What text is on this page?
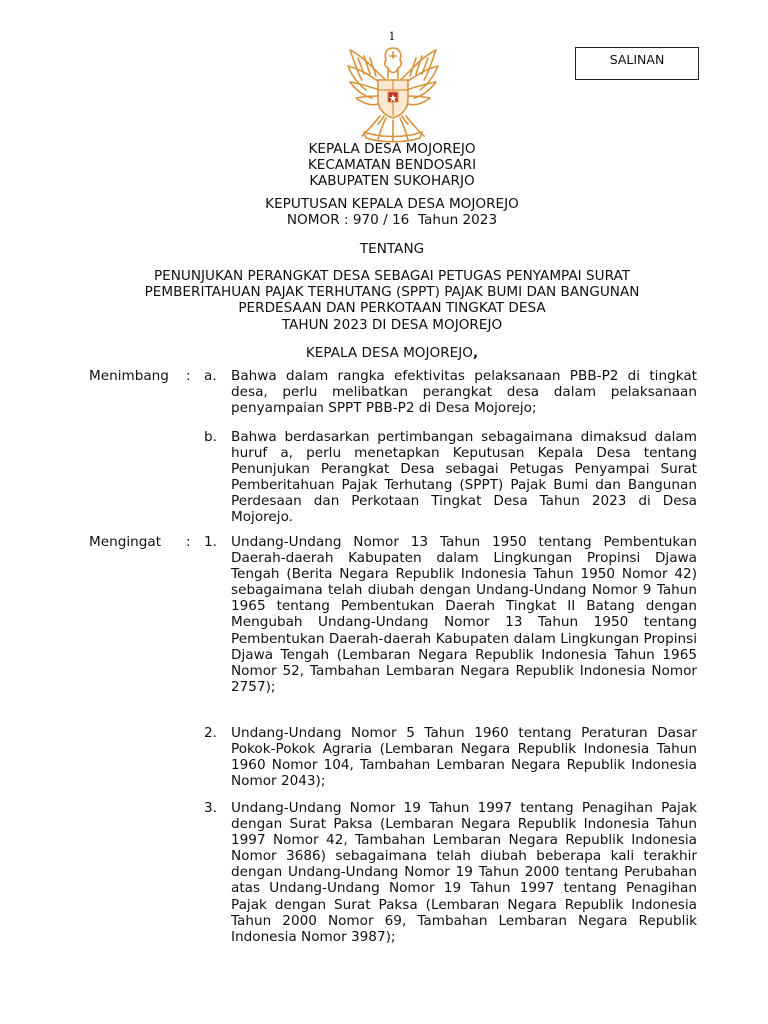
1
SALINAN
KEPALA DESA MOJOREJO
KECAMATAN BENDOSARI
KABUPATEN SUKOHARJO
KEPUTUSAN KEPALA DESA MOJOREJO
NOMOR : 970 / 16  Tahun 2023
TENTANG
PENUNJUKAN PERANGKAT DESA SEBAGAI PETUGAS PENYAMPAI SURAT
PEMBERITAHUAN PAJAK TERHUTANG (SPPT) PAJAK BUMI DAN BANGUNAN
PERDESAAN DAN PERKOTAAN TINGKAT DESA
TAHUN 2023 DI DESA MOJOREJO
KEPALA DESA MOJOREJO,
Menimbang : a. Bahwa dalam rangka efektivitas pelaksanaan PBB-P2 di tingkat desa, perlu melibatkan perangkat desa dalam pelaksanaan penyampaian SPPT PBB-P2 di Desa Mojorejo;
b. Bahwa berdasarkan pertimbangan sebagaimana dimaksud dalam huruf a, perlu menetapkan Keputusan Kepala Desa tentang Penunjukan Perangkat Desa sebagai Petugas Penyampai Surat Pemberitahuan Pajak Terhutang (SPPT) Pajak Bumi dan Bangunan Perdesaan dan Perkotaan Tingkat Desa Tahun 2023 di Desa Mojorejo.
Mengingat : 1. Undang-Undang Nomor 13 Tahun 1950 tentang Pembentukan Daerah-daerah Kabupaten dalam Lingkungan Propinsi Djawa Tengah (Berita Negara Republik Indonesia Tahun 1950 Nomor 42) sebagaimana telah diubah dengan Undang-Undang Nomor 9 Tahun 1965 tentang Pembentukan Daerah Tingkat II Batang dengan Mengubah Undang-Undang Nomor 13 Tahun 1950 tentang Pembentukan Daerah-daerah Kabupaten dalam Lingkungan Propinsi Djawa Tengah (Lembaran Negara Republik Indonesia Tahun 1965 Nomor 52, Tambahan Lembaran Negara Republik Indonesia Nomor 2757);
2. Undang-Undang Nomor 5 Tahun 1960 tentang Peraturan Dasar Pokok-Pokok Agraria (Lembaran Negara Republik Indonesia Tahun 1960 Nomor 104, Tambahan Lembaran Negara Republik Indonesia Nomor 2043);
3. Undang-Undang Nomor 19 Tahun 1997 tentang Penagihan Pajak dengan Surat Paksa (Lembaran Negara Republik Indonesia Tahun 1997 Nomor 42, Tambahan Lembaran Negara Republik Indonesia Nomor 3686) sebagaimana telah diubah beberapa kali terakhir dengan Undang-Undang Nomor 19 Tahun 2000 tentang Perubahan atas Undang-Undang Nomor 19 Tahun 1997 tentang Penagihan Pajak dengan Surat Paksa (Lembaran Negara Republik Indonesia Tahun 2000 Nomor 69, Tambahan Lembaran Negara Republik Indonesia Nomor 3987);
